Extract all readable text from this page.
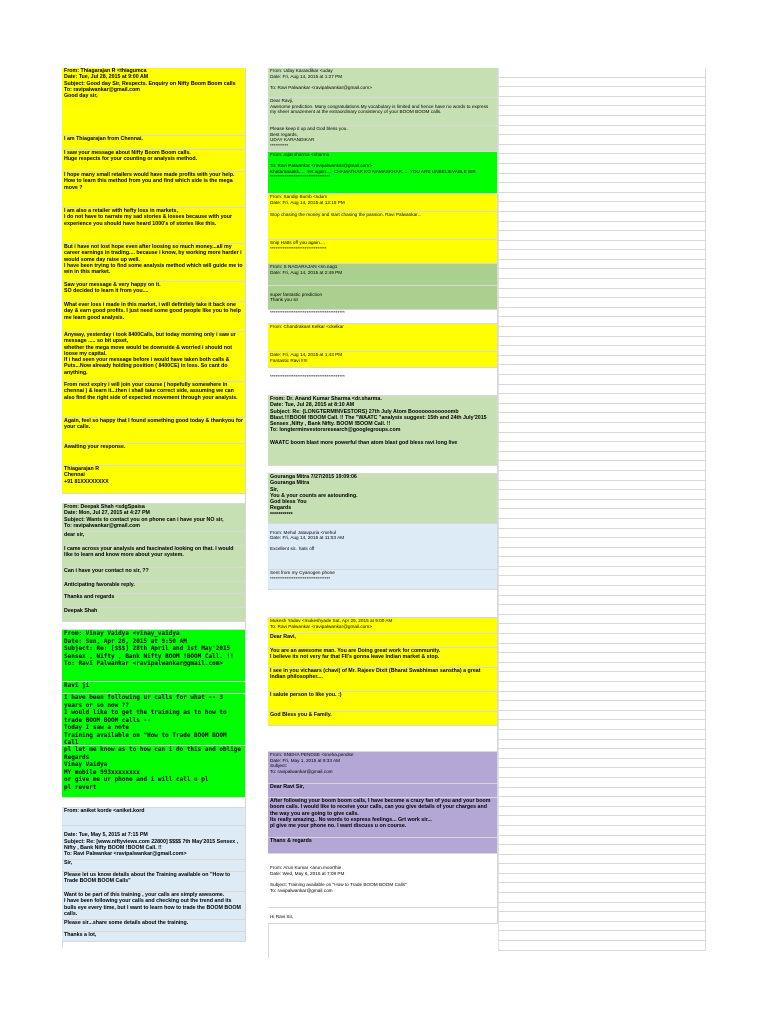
From: Thiagarajan R <thiagumca
Date: Tue, Jul 28, 2015 at 9:00 AM
Subject: Good day Sir, Respects. Enquiry on Nifty Boom Boom calls
To: ravipalwankar@gmail.com
Good day sir,
I am Thiagarajan from Chennai.
I saw your message about Nifty Boom Boom calls.
Huge respects for your counting or analysis method.
I hope many small retailers would have made profits with your help.
How to learn this method from you and find which side is the mega move ?
I am also a retailer with hefty loss in markets,
I do not have to narrate my sad stories & losses because with your experience you should have heard 1000's of stories like this.
But i have not lost hope even after loosing so much money...all my career earnings in trading.... because i know, by working more harder i would some day raise up well.
I have been trying to find some analysis method which will guide me to win in this market.
Saw your message & very happy on it.
SO decided to learn it from you....
What ever loss i made in this market, i will definitely take it back one day & earn good profits. I just need some good people like you to help me learn good analysis.
Anyway, yesterday i took 8400Calls, but today morning only i saw ur message ..... so bit upset,
whether the mega move would be downside & worried i should not loose my capital.
If i had seen your message before i would have taken both calls & Puts...Now already holding position ( 8400CE) in loss. So cant do anything.
From next expiry i will join your course ( hopefully somewhere in chennai ) & learn it...then i shall take correct side, assuming we can also find the right side of expected movement through your analysis.
Again, feel so happy that I found something good today & thankyou for your calls.
Awaiting your response.
Thiagarajan R
Chennai
+91 81XXXXXXXX
From: Deepak Shah <sdgSpaisa
Date: Mon, Jul 27, 2015 at 4:27 PM
Subject: Wants to contact you on phone can i have your NO sir,
To: ravipalwankar@gmail.com
dear sir,
I came across your analysis and fascinated looking on that. I would like to learn and know more about your system.
Can i have your contact no sir, ??
Anticipating favorable reply.
Thanks and regards
Deepak Shah
From: Vinay Vaidya <vinay_vaidya
Date: Sun, Apr 26, 2015 at 9:50 AM
Subject: Re: [$$$] 28th April and 1st May'2015 Sensex , Nifty , Bank Nifty BOOM !BOOM Call. !!
To: Ravi Palwankar <ravipalwankar@gmail.com>
Ravi ji
I have been following ur calls for what -- 3 years or so now ??
I would like to get the training as to how to trade BOOM BOOM calls --
Today I saw a note
Training available on "How to Trade BOOM BOOM Call
pl let me know as to how can i do this and oblige
Regards
Vinay Vaidya
MY mobile 993xxxxxxxx
or give me ur phone and i will call u pl
pl revert
From: aniket korde <aniket.kord

Date: Tue, May 5, 2015 at 7:15 PM
Subject: Re: [www.niftyviews.com 22800] $$$$ 7th May'2015 Sensex , Nifty , Bank Nifty BOOM !BOOM Call. !!
To: Ravi Palwankar <ravipalwankar@gmail.com>
Sir,
Please let us know details about the Training available on "How to Trade BOOM BOOM Calls"
Want to be part of this training , your calls are simply awesome.
I have been following your calls and checking out the trend and its bulls eye every time, but I want to learn how to trade the BOOM BOOM calls.
Please sir...share some details about the training.
Thanks a lot,
From: Uday Karandikar <uday
Date: Fri, Aug 14, 2015 at 1:27 PM

To: Ravi Palwankar <ravipalwankar@gmail.com>
Dear Ravji,
Awesome prediction. Many congratulations.My vocabulary is limited and hence have no words to express my sheer amazement at the extraordinary consistency of your BOOM BOOM calls.
Please keep it up and God bless you.
Best regards,
UDAY KARANDIKAR
**********
From: rajat sharma <sharma

To: Ravi Palwankar <ravipalwankar@gmail.com>
Khatarnaaakk..... Yet again..... CHAMATKAR KO NAMASKHAR..... YOU ARE UNBELIEVABLE SIR
*********************************
From: Sandip Bumb <sdum
Date: Fri, Aug 14, 2015 at 12:15 PM
Stop chasing the money and start chasing the passion. Ravi Palwankar...
Snip Hatts off you again....
*******************************
From: S NAGARAJAN <sn.nag1
Date: Fri, Aug 14, 2015 at 2:49 PM

super fantastic prediction
Thank you sir
*****************************************
From: Chandrakant Kelkar <ckelkar
Date: Fri, Aug 14, 2015 at 1:43 PM
Fantastic Ravi !!!!!

*****************************************
From: Dr. Anand Kumar Sharma <dr.sharma.
Date: Tue, Jul 28, 2015 at 8:10 AM
Subject: Re: {LONGTERMINVESTORS} 27th July Atom Boooooooooooomb Blast.!!!BOOM !BOOM Call. !! The "WAATC "analysis suggest: 15th and 24th July'2015 Sensex ,Nifty , Bank Nifty. BOOM !BOOM Call. !!
To: longterminvestorsresearch@googlegroups.com

WAATC boom blast more powerful than atom blast god bless ravi long live
Gouranga Mitra 7/27/2015 19:09:06
Gouranga Mitra
Sir,
You & your counts are astounding.
God bless You
Regards
***********

From: Mehul Jatavpuria <mehul
Date: Fri, Aug 14, 2015 at 11:53 AM

Excellent sir.. hats off
Sent from my Cyanogen phone
*********************************
Mukesh Yadav <mukeshyade Sat, Apr 25, 2015 at 9:00 AM
To: Ravi Palwankar <ravipalwankar@gmail.com>
Dear Ravi,
You are an awesome man. You are Doing great work for community.
I believe its not very far that FII's gonna leave Indian market & stop.
I see in you vichaars (chavi) of Mr. Rajeev Dixit (Bharat Swabhiman sanstha) a great Indian philosopher....
I salute person to like you. :)
God Bless you & Family.
From: SNEHA PENDSE <sneha.pendse
Date: Fri, May 1, 2015 at 9:33 AM
Subject:
To: ravipalwankar@gmail.com
Dear Ravi Sir,
After following your boom boom calls, I have become a crazy fan of you and your boom boom calls. I would like to receive your calls, can you give details of your charges and the way you are going to give calls.
Its really amazing.. No words to express feelings... Grt work sir...
pl give me your phone no. I want discuss u on course.
Thanx & regards

From: Arun Kumar <arun.moorthie
Date: Wed, May 6, 2015 at 7:08 PM

Subject: Training available on "How to Trade BOOM BOOM Calls"
To: ravipalwankar@gmail.com

Hi Ravi Sir,
